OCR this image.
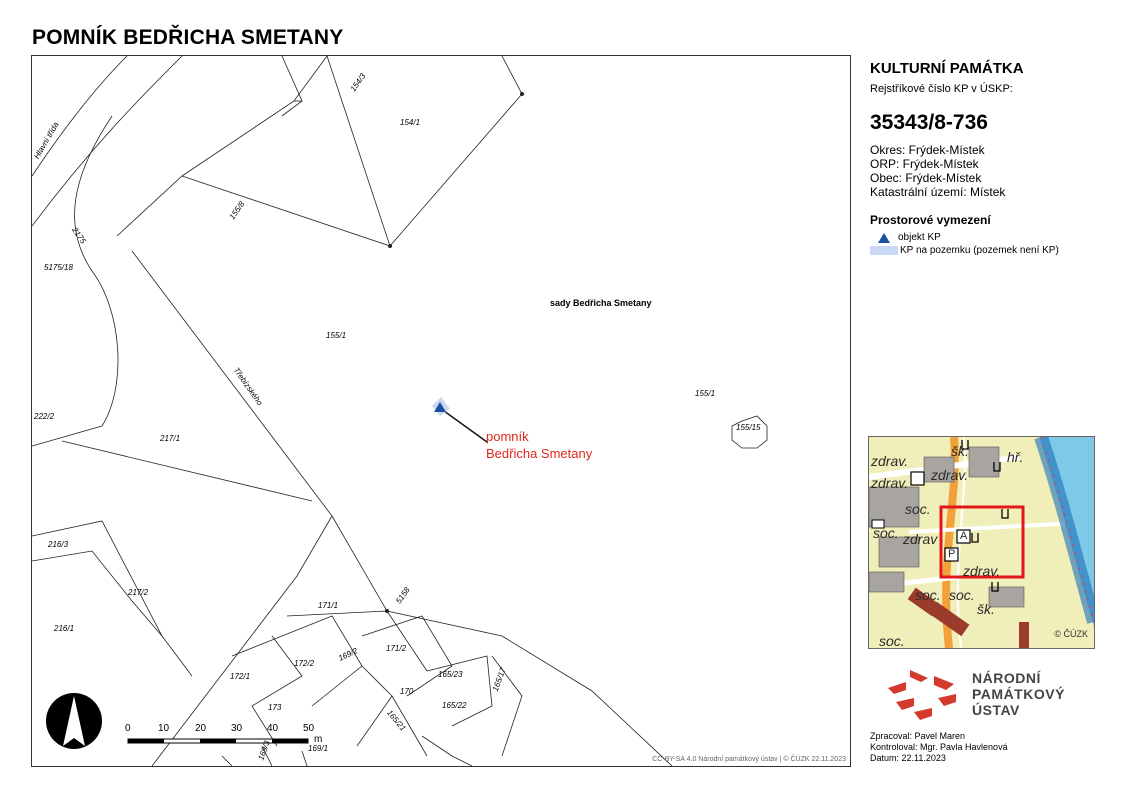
POMNÍK BEDŘICHA SMETANY
154/3
154/1
155/8
2175
5175/18
155/1
155/1
155/15
222/2
217/1
216/3
217/2
216/1
5158
171/1
171/2
169/2
172/2
172/1
170
173
165/23	165/17
165/22
165/21
169/3	169/1
Hlavní třída
Třebízského
sady Bedřicha Smetany
pomník
Bedřicha Smetany
0	10	20 30 40 50
m
CC-BY-SA 4.0 Národní památkový ústav | © ČÚZK 22.11.2023
KULTURNÍ PAMÁTKA
Rejstříkové číslo KP v ÚSKP:
35343/8-736
Okres: Frýdek-Místek
ORP: Frýdek-Místek
Obec: Frýdek-Místek
Katastrální území: Místek
Prostorové vymezení
objekt KP
KP na pozemku (pozemek není KP)
zdrav.
zdrav. zdrav.
zdrav
zdrav.
šk.
šk.
hř.
soc.
soc.
soc. soc.
soc.
A
P
© ČÚZK
NÁRODNÍ
PAMÁTKOVÝ
ÚSTAV
Zpracoval: Pavel Maren
Kontroloval: Mgr. Pavla Havlenová
Datum: 22.11.2023
